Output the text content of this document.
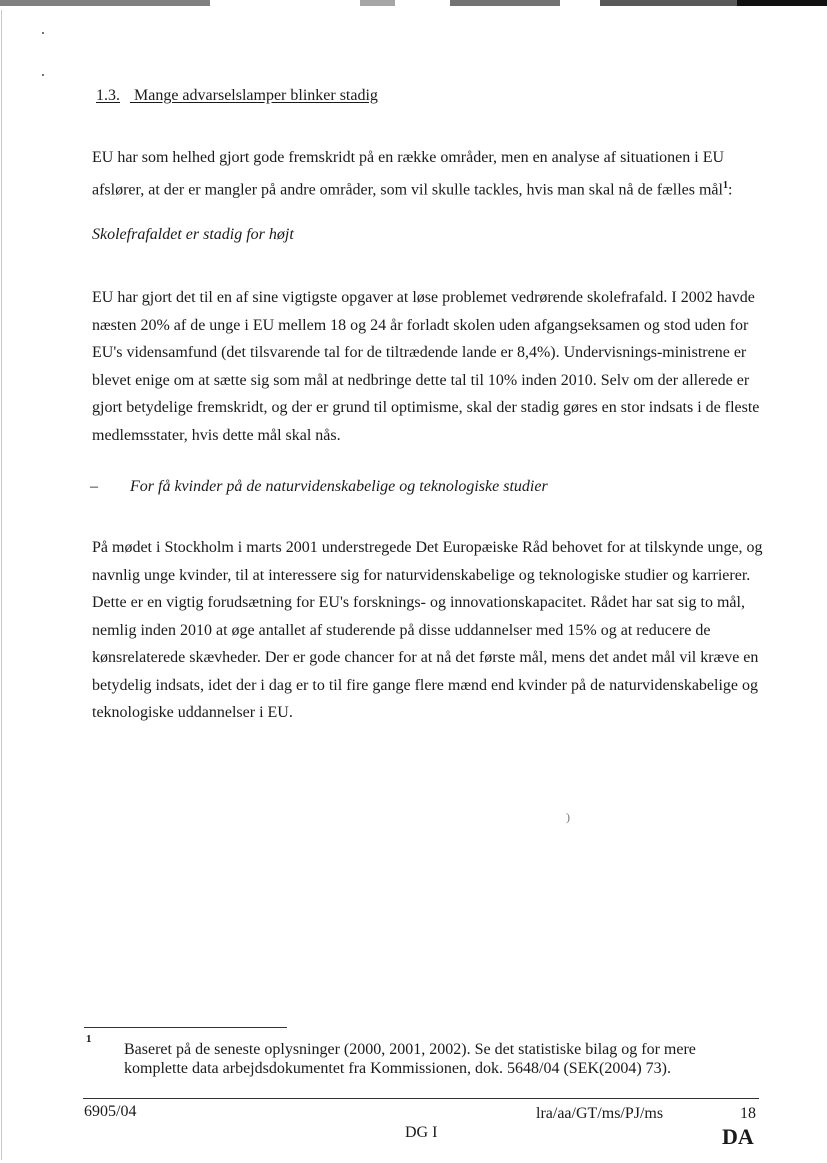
1.3. Mange advarselslamper blinker stadig

EU har som helhed gjort gode fremskridt på en række områder, men en analyse af situationen i EU afslører, at der er mangler på andre områder, som vil skulle tackles, hvis man skal nå de fælles mål$^1$:

Skolefrafaldet er stadig for højt

EU har gjort det til en af sine vigtigste opgaver at løse problemet vedrørende skolefrafald. I 2002 havde næsten 20% af de unge i EU mellem 18 og 24 år forladt skolen uden afgangseksamen og stod uden for EU's vidensamfund (det tilsvarende tal for de tiltrædende lande er 8,4%). Undervisnings-ministrene er blevet enige om at sætte sig som mål at nedbringe dette tal til 10% inden 2010. Selv om der allerede er gjort betydelige fremskridt, og der er grund til optimisme, skal der stadig gøres en stor indsats i de fleste medlemsstater, hvis dette mål skal nås.

– For få kvinder på de naturvidenskabelige og teknologiske studier

På mødet i Stockholm i marts 2001 understregede Det Europæiske Råd behovet for at tilskynde unge, og navnlig unge kvinder, til at interessere sig for naturvidenskabelige og teknologiske studier og karrierer. Dette er en vigtig forudsætning for EU's forsknings- og innovationskapacitet. Rådet har sat sig to mål, nemlig inden 2010 at øge antallet af studerende på disse uddannelser med 15% og at reducere de kønsrelaterede skævheder. Der er gode chancer for at nå det første mål, mens det andet mål vil kræve en betydelig indsats, idet der i dag er to til fire gange flere mænd end kvinder på de naturvidenskabelige og teknologiske uddannelser i EU.

)
1

Baseret på de seneste oplysninger (2000, 2001, 2002). Se det statistiske bilag og for mere komplette data arbejdsdokumentet fra Kommissionen, dok. 5648/04 (SEK(2004) 73).

6905/04	lra/aa/GT/ms/PJ/ms	18
DG I	DA
